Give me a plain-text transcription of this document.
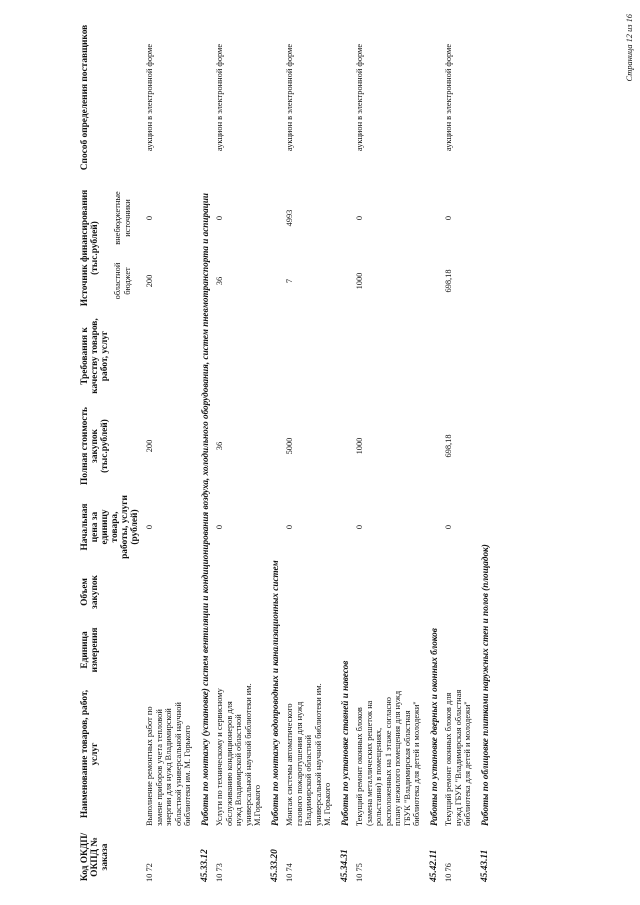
Код ОКДП/ ОКПД № заказа	Наименование товаров, работ, услуг	Единица измерения	Объем закупок	Начальная цена за единицу товара, работы, услуги (рублей)	Полная стоимость закупок (тыс.рублей)	Требования к качеству товаров, работ, услуг	Источник финансирования (тыс.рублей)		Способ определения поставщиков
							областной бюджет	внебюджетные источники	
10 72	Выполнение ремонтных работ по замене приборов учета тепловой энергии для нужд Владимирской областной универсальной научной библиотеки им. М. Горького			0	200		200	0	аукцион в электронной форме
45.33.12	Работы по монтажу (установке) систем вентиляции и кондиционирования воздуха, холодильного оборудования, систем пневмотранспорта и аспирации								
10 73	Услуги по техническому и сервисному обслуживанию кондиционеров для нужд Владимирской областной универсальной научной библиотеки им. М.Горького			0	36		36	0	аукцион в электронной форме
45.33.20	Работы по монтажу водопроводных и канализационных систем								
10 74	Монтаж системы автоматического газового пожаротушения для нужд Владимирской областной универсальной научной библиотеки им. М. Горького			0	5000		7	4993	аукцион в электронной форме
45.34.31	Работы по установке ставней и навесов								
10 75	Текущий ремонт оконных блоков (замена металлических решеток на рольставни) в помещениях, расположенных на 1 этаже согласно плану нежилого помещения для нужд ГБУК "Владимирская областная библиотека для детей и молодежи"			0	1000		1000	0	аукцион в электронной форме
45.42.11	Работы по установке дверных и оконных блоков								
10 76	Текущий ремонт оконных блоков для нужд ГБУК "Владимирская областная библиотека для детей и молодежи"			0	698,18		698,18	0	аукцион в электронной форме
45.43.11	Работы по облицовке плитками наружных стен и полов (площадок)								
Страница 12 из 16
